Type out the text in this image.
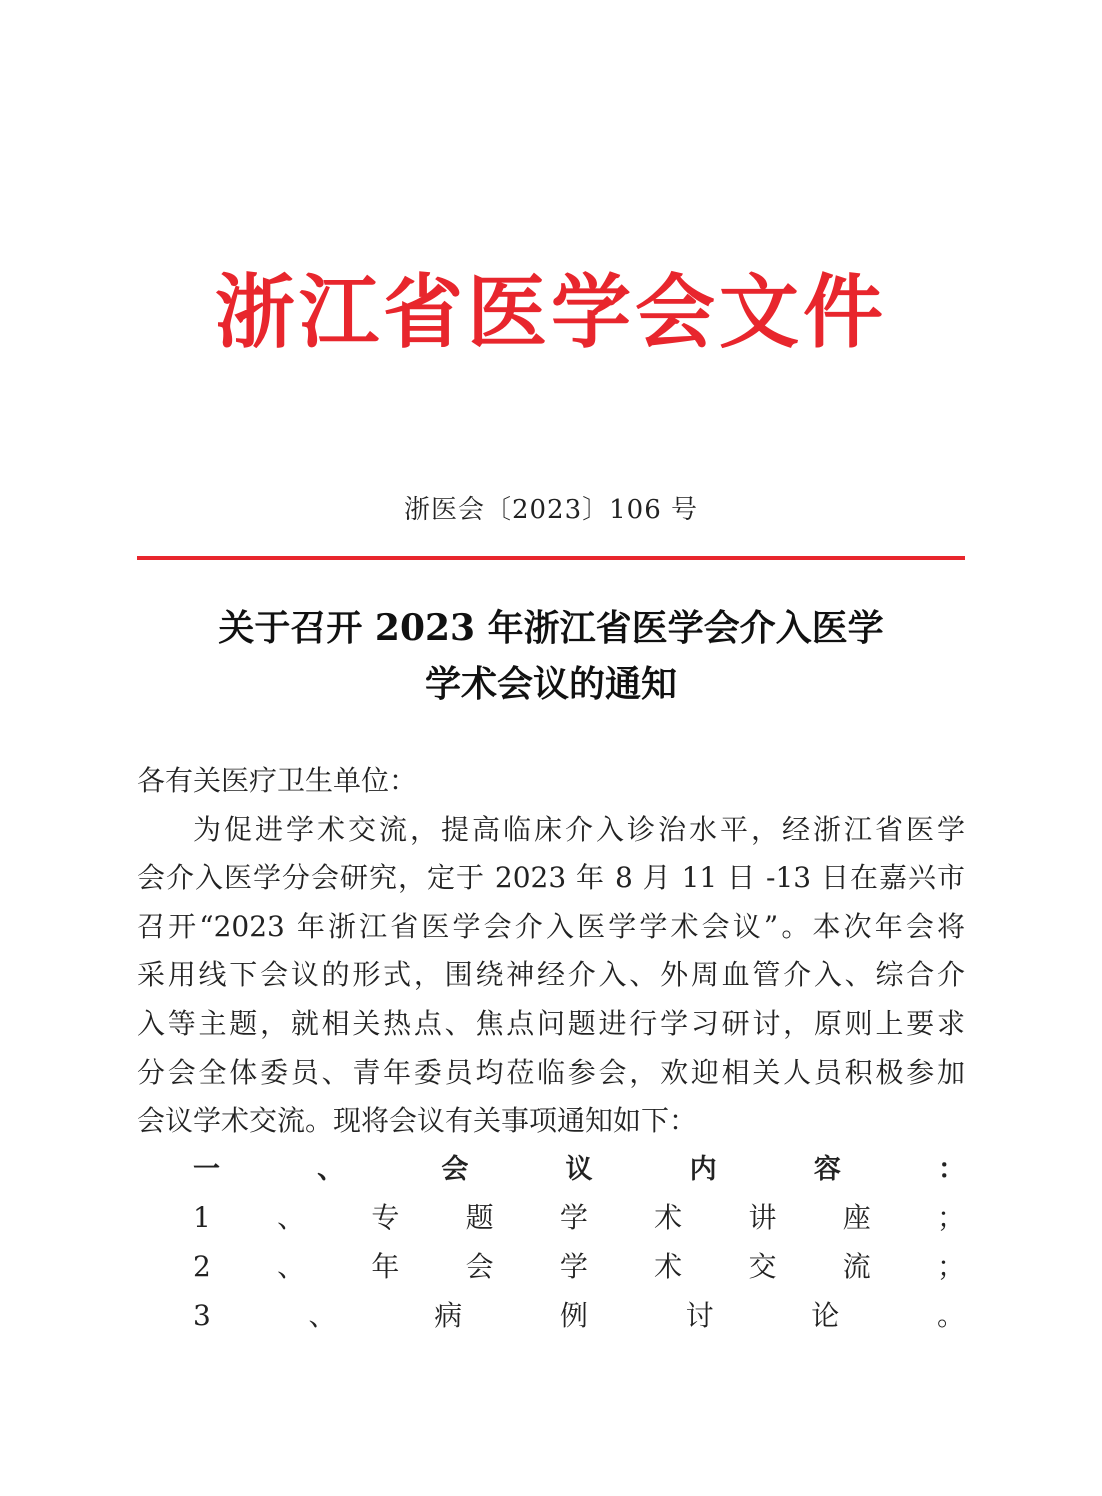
浙江省医学会文件
浙医会〔2023〕106 号
关于召开 2023 年浙江省医学会介入医学
学术会议的通知

各有关医疗卫生单位：

为促进学术交流，提高临床介入诊治水平，经浙江省医学

会介入医学分会研究，定于 2023 年 8 月 11 日 -13 日在嘉兴市

召开“2023 年浙江省医学会介入医学学术会议”。本次年会将

采用线下会议的形式，围绕神经介入、外周血管介入、综合介

入等主题，就相关热点、焦点问题进行学习研讨，原则上要求

分会全体委员、青年委员均莅临参会，欢迎相关人员积极参加

会议学术交流。现将会议有关事项通知如下：

一、会议内容：

1、专题学术讲座；

2、年会学术交流；

3、病例讨论。
